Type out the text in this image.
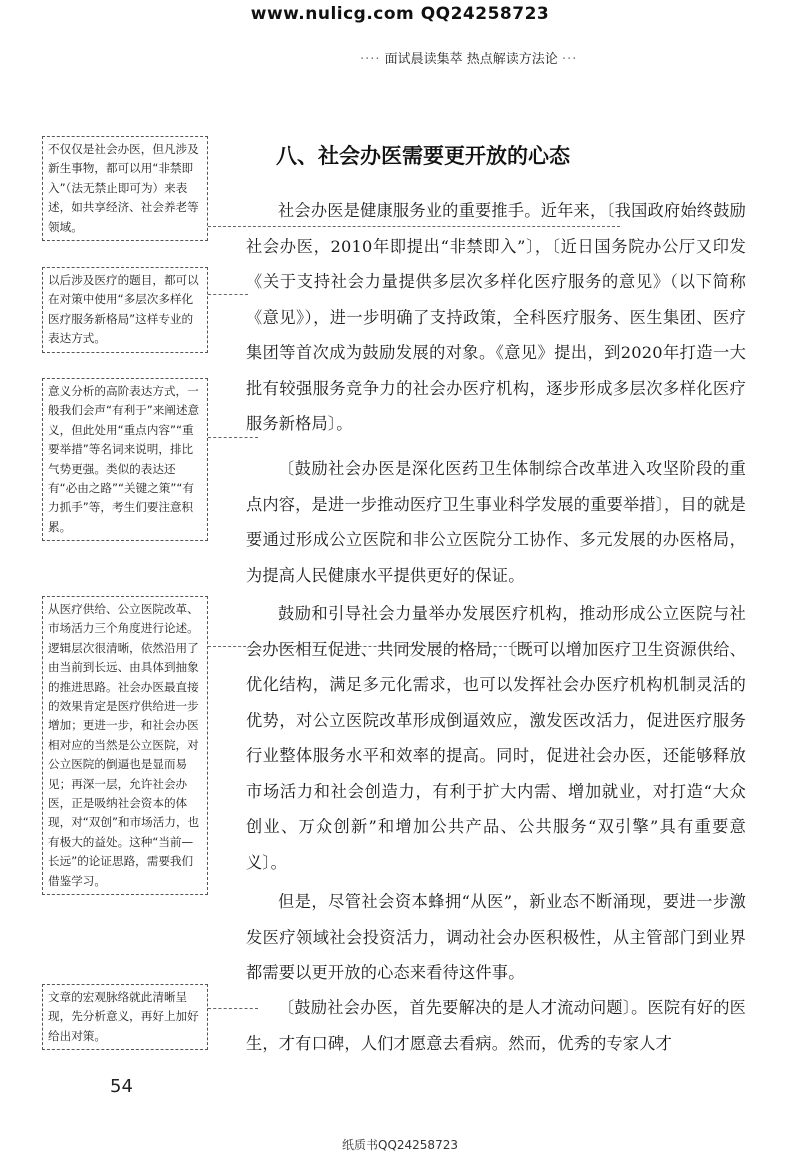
www.nulicg.com QQ24258723
···· 面试晨读集萃 热点解读方法论 ···
八、社会办医需要更开放的心态

社会办医是健康服务业的重要推手。近年来，〔我国政府始终鼓励社会办医，2010年即提出“非禁即入”〕，〔近日国务院办公厅又印发《关于支持社会力量提供多层次多样化医疗服务的意见》（以下简称《意见》），进一步明确了支持政策，全科医疗服务、医生集团、医疗集团等首次成为鼓励发展的对象。《意见》提出，到2020年打造一大批有较强服务竞争力的社会办医疗机构，逐步形成多层次多样化医疗服务新格局〕。

〔鼓励社会办医是深化医药卫生体制综合改革进入攻坚阶段的重点内容，是进一步推动医疗卫生事业科学发展的重要举措〕，目的就是要通过形成公立医院和非公立医院分工协作、多元发展的办医格局，为提高人民健康水平提供更好的保证。

鼓励和引导社会力量举办发展医疗机构，推动形成公立医院与社会办医相互促进、共同发展的格局，〔既可以增加医疗卫生资源供给、优化结构，满足多元化需求，也可以发挥社会办医疗机构机制灵活的优势，对公立医院改革形成倒逼效应，激发医改活力，促进医疗服务行业整体服务水平和效率的提高。同时，促进社会办医，还能够释放市场活力和社会创造力，有利于扩大内需、增加就业，对打造“大众创业、万众创新”和增加公共产品、公共服务“双引擎”具有重要意义〕。

但是，尽管社会资本蜂拥“从医”，新业态不断涌现，要进一步激发医疗领域社会投资活力，调动社会办医积极性，从主管部门到业界都需要以更开放的心态来看待这件事。

〔鼓励社会办医，首先要解决的是人才流动问题〕。医院有好的医生，才有口碑，人们才愿意去看病。然而，优秀的专家人才

不仅仅是社会办医，但凡涉及新生事物，都可以用“非禁即入”（法无禁止即可为）来表述，如共享经济、社会养老等领域。

以后涉及医疗的题目，都可以在对策中使用“多层次多样化医疗服务新格局”这样专业的表达方式。

意义分析的高阶表达方式，一般我们会声“有利于”来阐述意义，但此处用“重点内容”“重要举措”等名词来说明，排比气势更强。类似的表达还有“必由之路”“关键之策”“有力抓手”等，考生们要注意积累。

从医疗供给、公立医院改革、市场活力三个角度进行论述。逻辑层次很清晰，依然沿用了由当前到长远、由具体到抽象的推进思路。社会办医最直接的效果肯定是医疗供给进一步增加；更进一步，和社会办医相对应的当然是公立医院，对公立医院的倒逼也是显而易见；再深一层，允许社会办医，正是吸纳社会资本的体现，对“双创”和市场活力，也有极大的益处。这种“当前—长远”的论证思路，需要我们借鉴学习。

文章的宏观脉络就此清晰呈现，先分析意义，再好上加好给出对策。

54
纸质书QQ24258723
